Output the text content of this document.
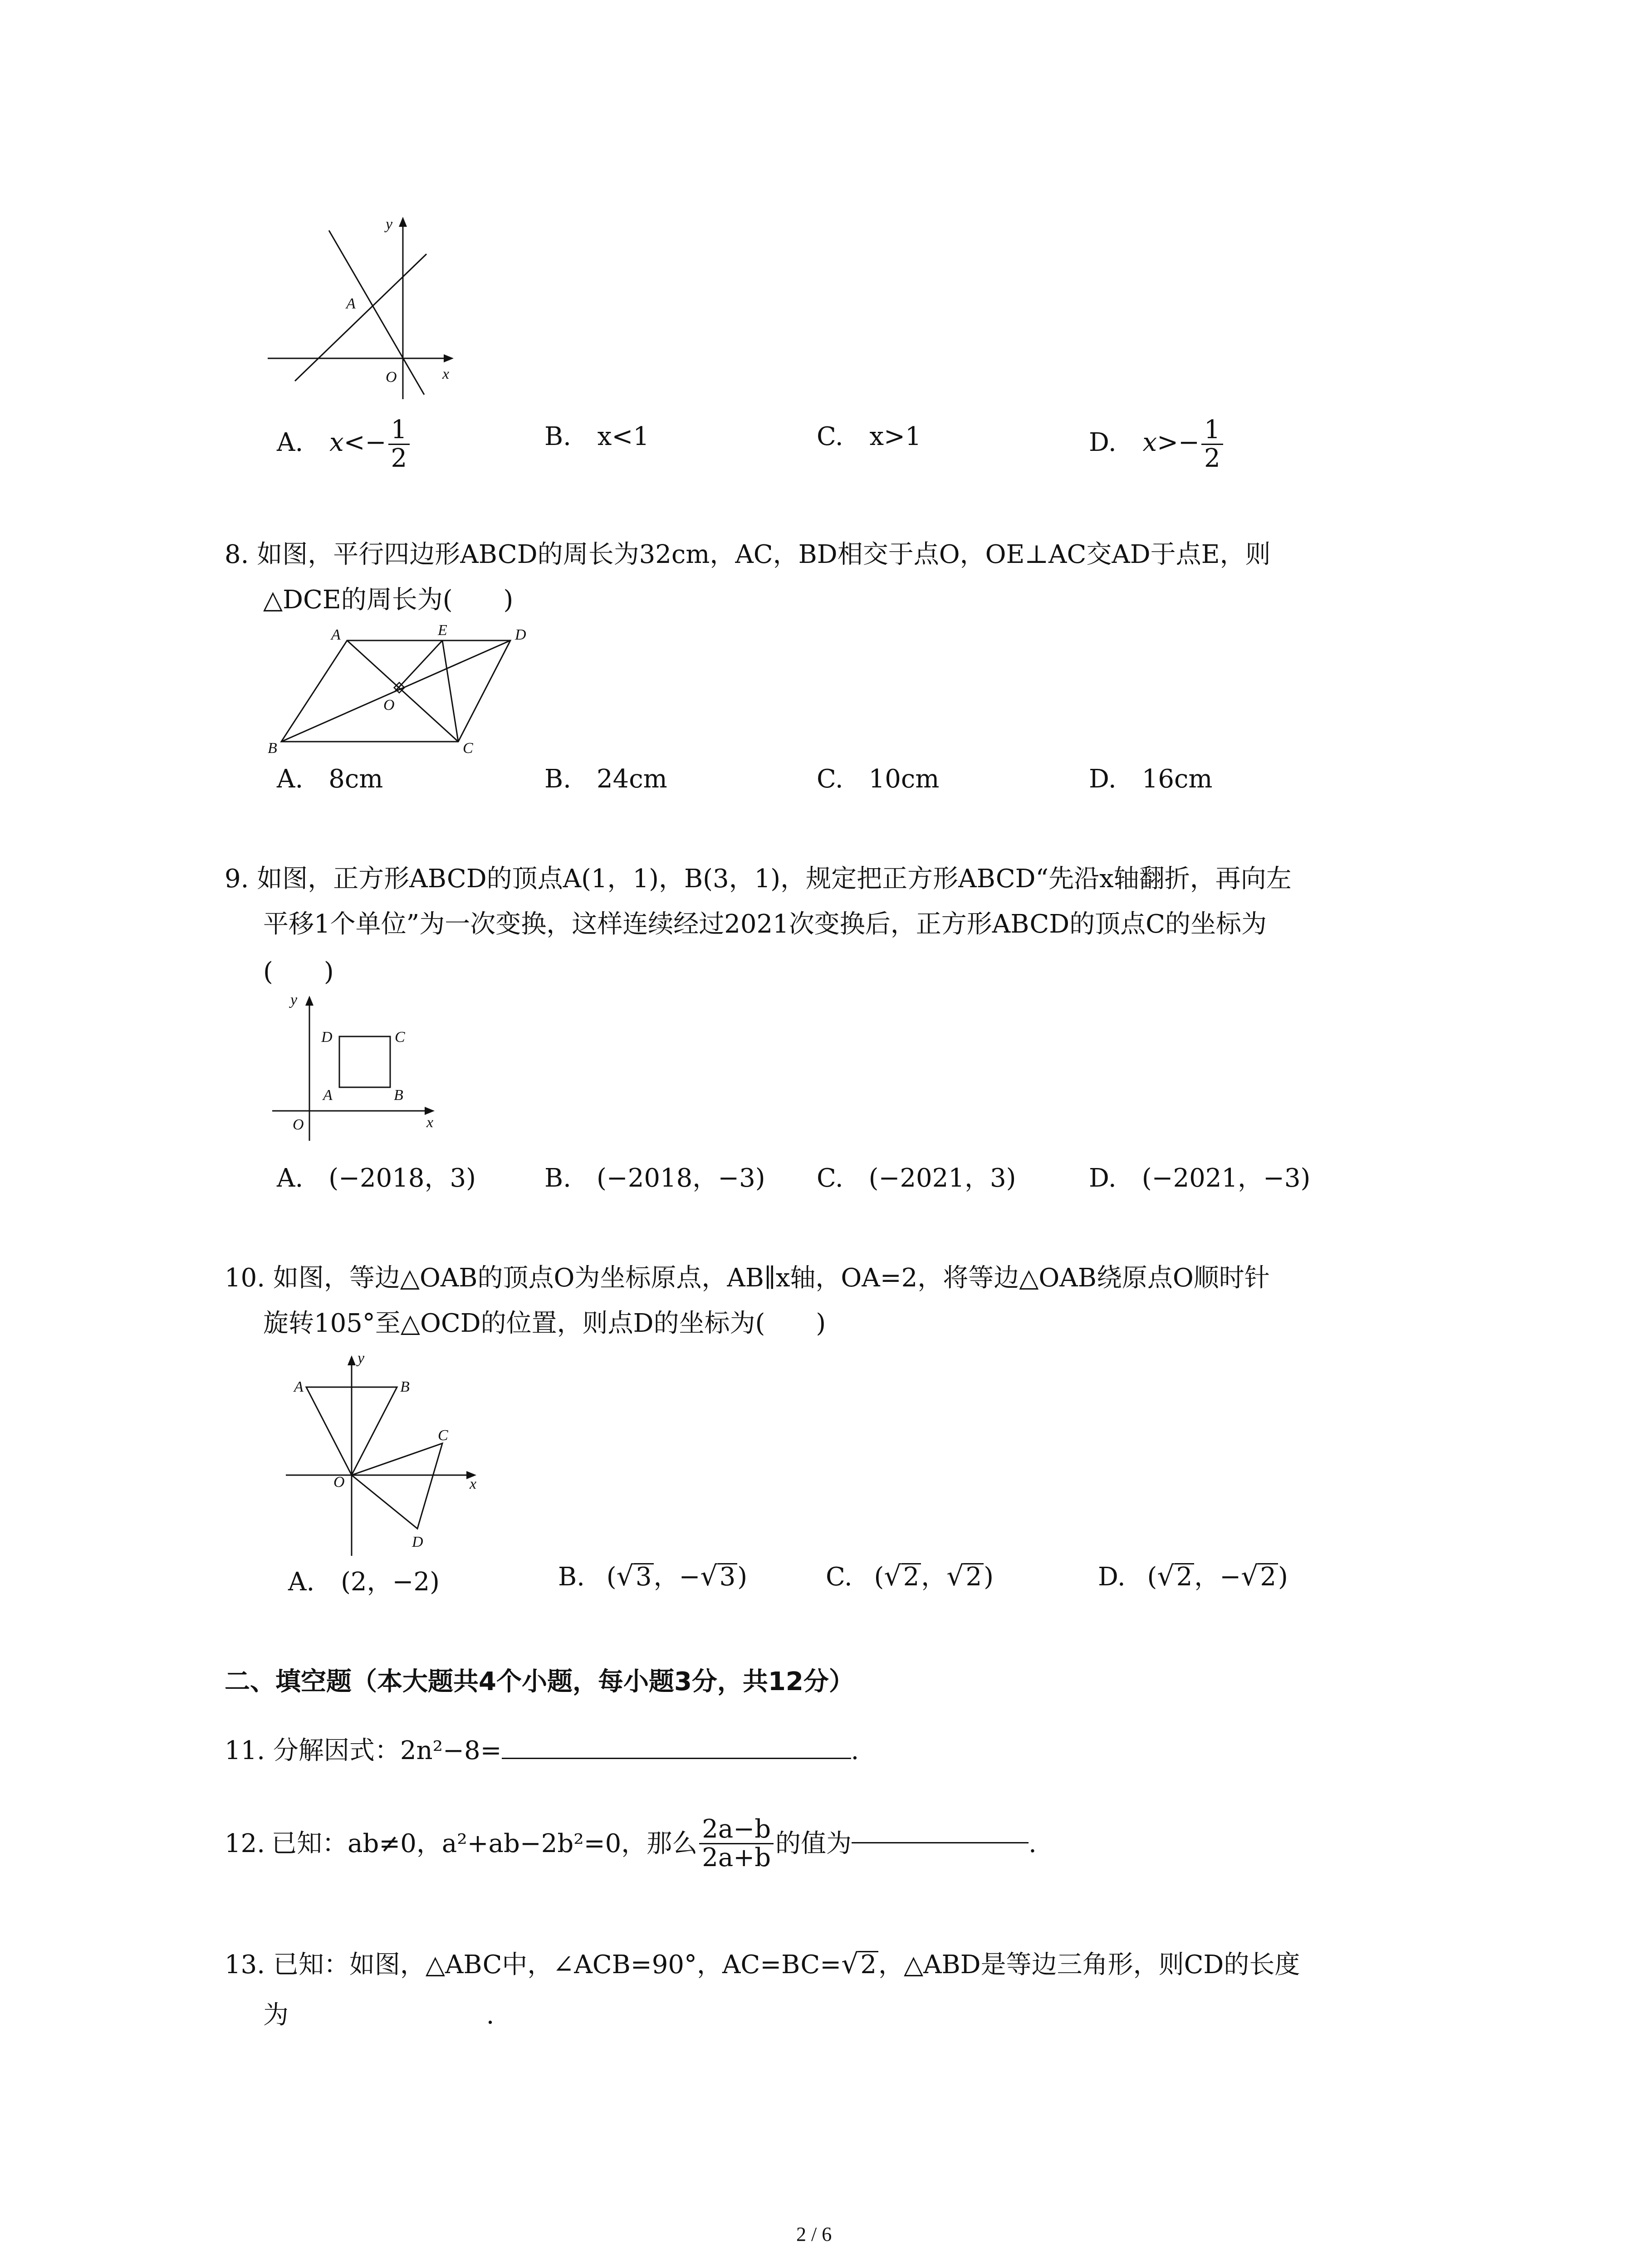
y
x
A
O
A. $x<- \frac{1}{2}$	B. x<1	C. x>1	D. $x>- \frac{1}{2}$
8. 如图，平行四边形ABCD的周长为32cm，AC，BD相交于点O，OE⊥AC交AD于点E，则
△DCE的周长为(　　)
A	E	D
O
B	C
A.　8cm	B.　24cm	C.　10cm	D.　16cm
9. 如图，正方形ABCD的顶点A(1，1)，B(3，1)，规定把正方形ABCD“先沿x轴翻折，再向左
平移1个单位”为一次变换，这样连续经过2021次变换后，正方形ABCD的顶点C的坐标为
(　　)
y
x
D	C
A	B
O
A.　(−2018，3)	B.　(−2018，−3) C.　(−2021，3)	D.　(−2021，−3)
10. 如图，等边△OAB的顶点O为坐标原点，AB∥x轴，OA=2，将等边△OAB绕原点O顺时针
旋转105°至△OCD的位置，则点D的坐标为(　　)
y
x
A	B
C
O
D
A. (2，−2)	B. ( √ 3 ，− √ 3 )	C. ( √ 2 ， √ 2 )	D. ( √ 2 ，− √ 2 )
二、填空题（本大题共4个小题，每小题3分，共12分）
11. 分解因式：2n²−8=	.
12. 已知：ab≠0，a²+ab−2b²=0，那么 $\frac{2a-b}{2a+b}$ 的值为	.
13. 已知：如图，△ABC中，∠ACB=90°，AC=BC= √ 2 ，△ABD是等边三角形，则CD的长度
为	.
2 / 6
